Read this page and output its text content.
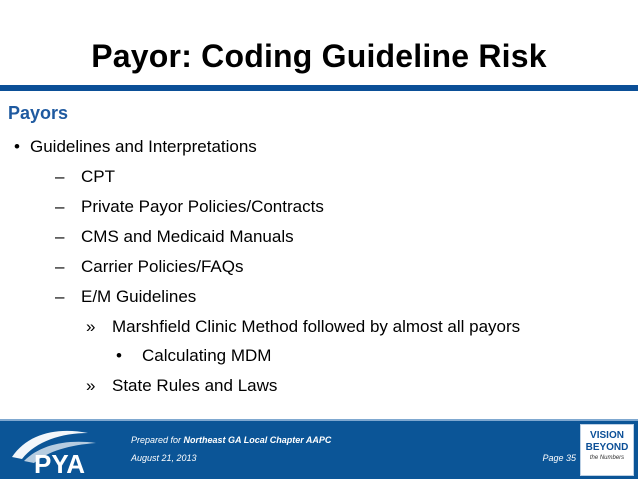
Payor: Coding Guideline Risk
Payors
• Guidelines and Interpretations
– CPT
– Private Payor Policies/Contracts
– CMS and Medicaid Manuals
– Carrier Policies/FAQs
– E/M Guidelines
» Marshfield Clinic Method followed by almost all payors
• Calculating MDM
» State Rules and Laws
PYA
Prepared for Northeast GA Local Chapter AAPC
August 21, 2013	Page 35
VISION
BEYOND
the Numbers
